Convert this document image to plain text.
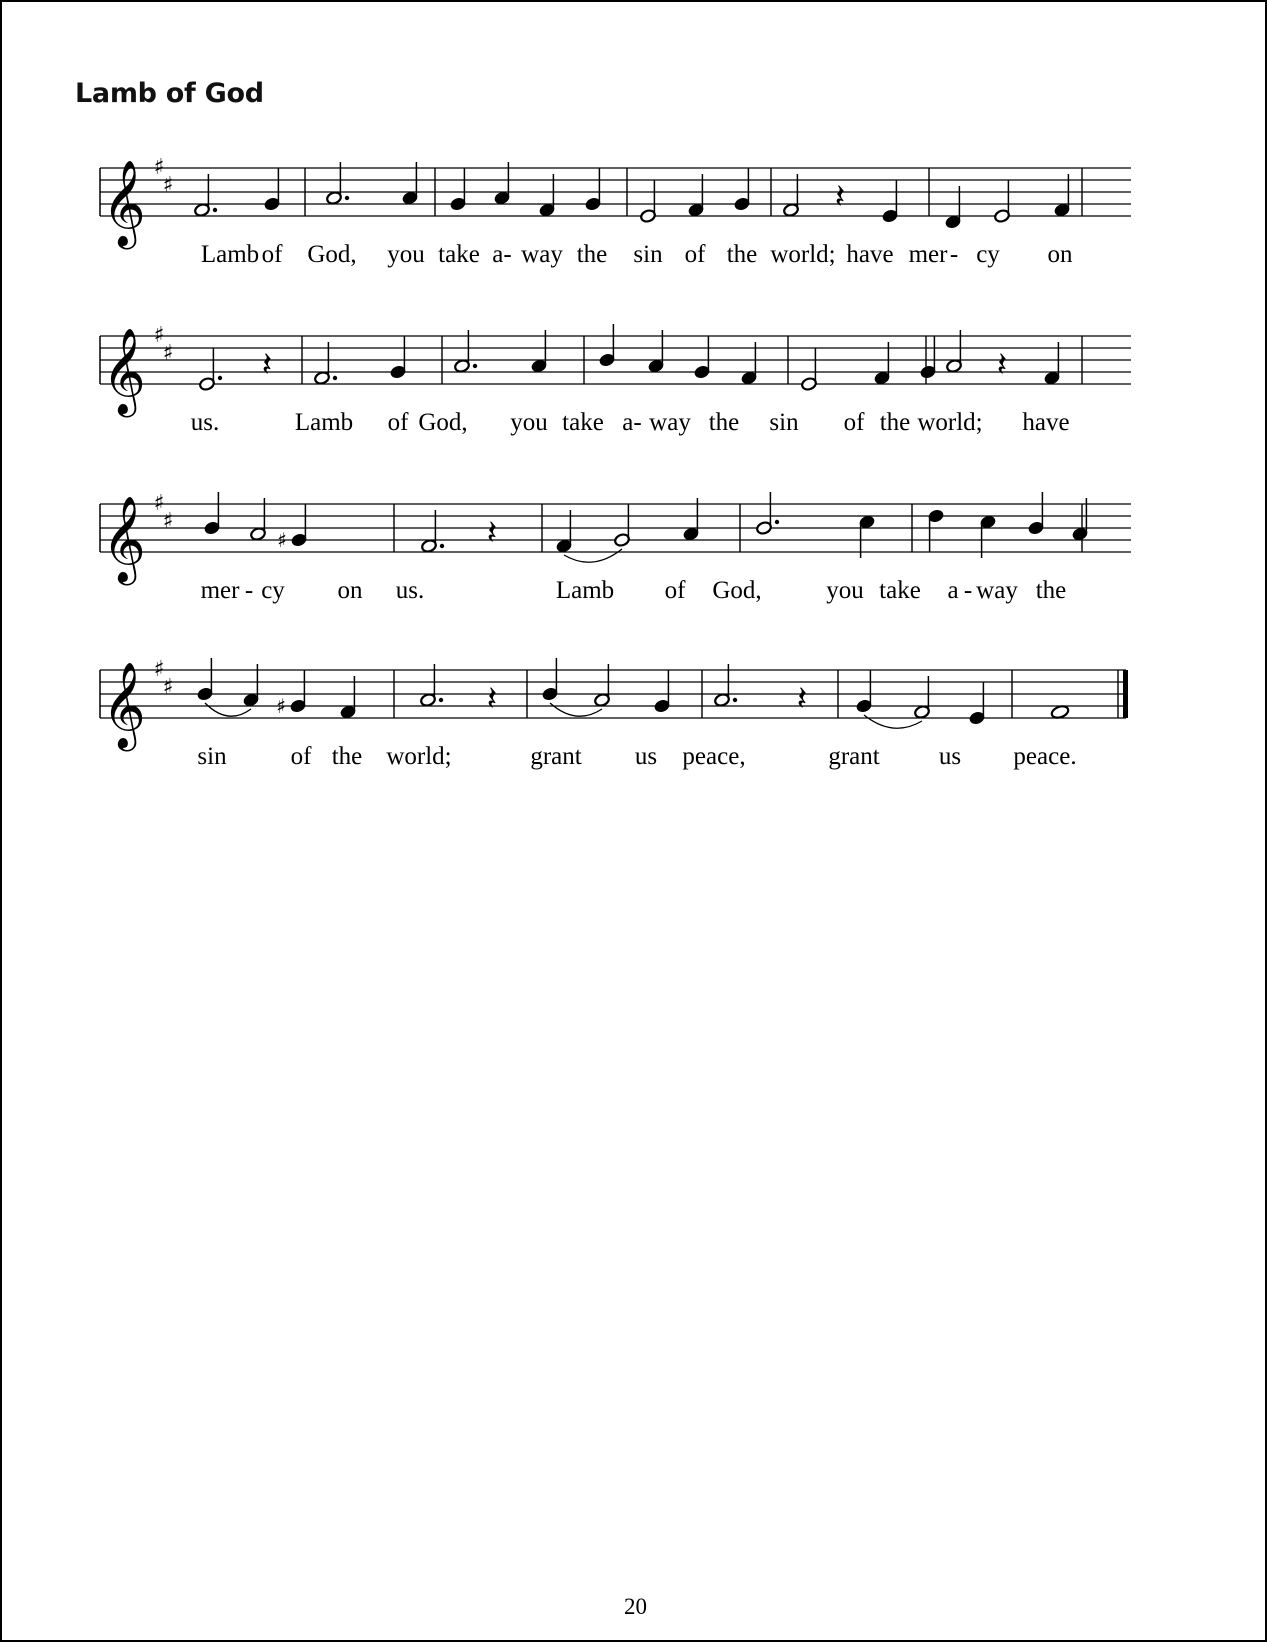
Lamb of God
𝄞 ♯
♯	𝄽
Lamb of God, you take a- way the sin of the world; have mer - cy on
𝄞 ♯
♯	𝄽	𝄽
us.	Lamb of God, you take a- way the sin of the world; have
𝄞 ♯
♯
♯	𝄽
mer - cy on us.	Lamb of God,	you take a - way the
𝄞 ♯
♯
♯	𝄽	𝄽
sin	of the world;	grant us peace,	grant us peace.
20
